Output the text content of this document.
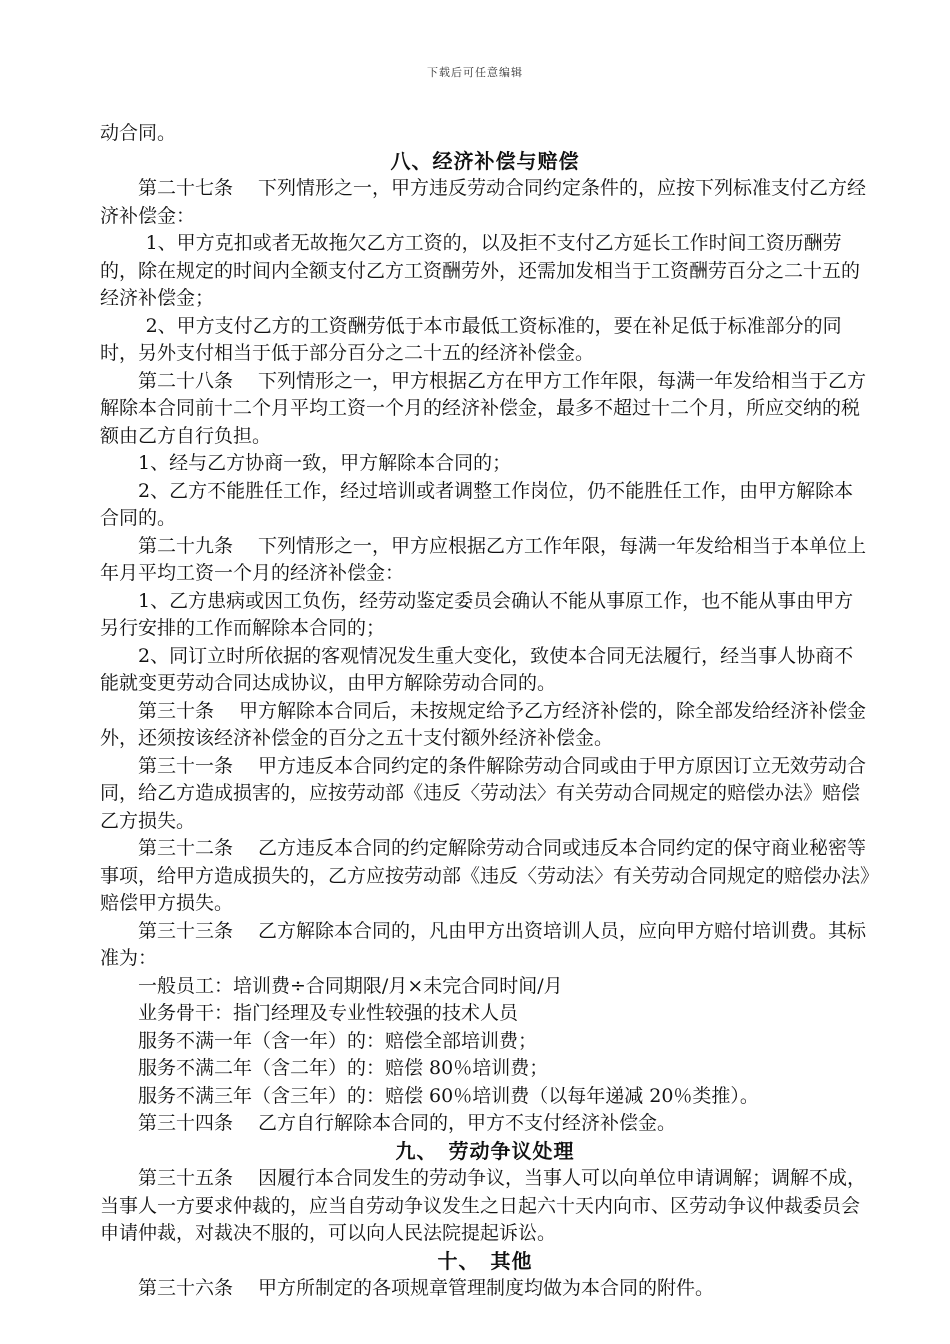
下载后可任意编辑

动合同。

八、经济补偿与赔偿

第二十七条　 下列情形之一，甲方违反劳动合同约定条件的，应按下列标准支付乙方经济补偿金：

1、甲方克扣或者无故拖欠乙方工资的，以及拒不支付乙方延长工作时间工资历酬劳的，除在规定的时间内全额支付乙方工资酬劳外，还需加发相当于工资酬劳百分之二十五的经济补偿金；

2、甲方支付乙方的工资酬劳低于本市最低工资标准的，要在补足低于标准部分的同时，另外支付相当于低于部分百分之二十五的经济补偿金。

第二十八条　 下列情形之一，甲方根据乙方在甲方工作年限，每满一年发给相当于乙方解除本合同前十二个月平均工资一个月的经济补偿金，最多不超过十二个月，所应交纳的税额由乙方自行负担。

1、经与乙方协商一致，甲方解除本合同的；

2、乙方不能胜任工作，经过培训或者调整工作岗位，仍不能胜任工作，由甲方解除本合同的。

第二十九条　 下列情形之一，甲方应根据乙方工作年限，每满一年发给相当于本单位上年月平均工资一个月的经济补偿金：

1、乙方患病或因工负伤，经劳动鉴定委员会确认不能从事原工作，也不能从事由甲方另行安排的工作而解除本合同的；

2、同订立时所依据的客观情况发生重大变化，致使本合同无法履行，经当事人协商不能就变更劳动合同达成协议，由甲方解除劳动合同的。

第三十条　 甲方解除本合同后，未按规定给予乙方经济补偿的，除全部发给经济补偿金外，还须按该经济补偿金的百分之五十支付额外经济补偿金。

第三十一条　 甲方违反本合同约定的条件解除劳动合同或由于甲方原因订立无效劳动合同，给乙方造成损害的，应按劳动部《违反〈劳动法〉有关劳动合同规定的赔偿办法》赔偿乙方损失。

第三十二条　 乙方违反本合同的约定解除劳动合同或违反本合同约定的保守商业秘密等事项，给甲方造成损失的，乙方应按劳动部《违反〈劳动法〉有关劳动合同规定的赔偿办法》赔偿甲方损失。

第三十三条　 乙方解除本合同的，凡由甲方出资培训人员，应向甲方赔付培训费。其标准为：

一般员工：培训费÷合同期限/月×未完合同时间/月

业务骨干：指门经理及专业性较强的技术人员

服务不满一年（含一年）的：赔偿全部培训费；

服务不满二年（含二年）的：赔偿 80％培训费；

服务不满三年（含三年）的：赔偿 60％培训费（以每年递减 20％类推）。

第三十四条　 乙方自行解除本合同的，甲方不支付经济补偿金。

九、　劳动争议处理

第三十五条　 因履行本合同发生的劳动争议，当事人可以向单位申请调解；调解不成，当事人一方要求仲裁的，应当自劳动争议发生之日起六十天内向市、区劳动争议仲裁委员会申请仲裁，对裁决不服的，可以向人民法院提起诉讼。

十、　其他

第三十六条　 甲方所制定的各项规章管理制度均做为本合同的附件。
